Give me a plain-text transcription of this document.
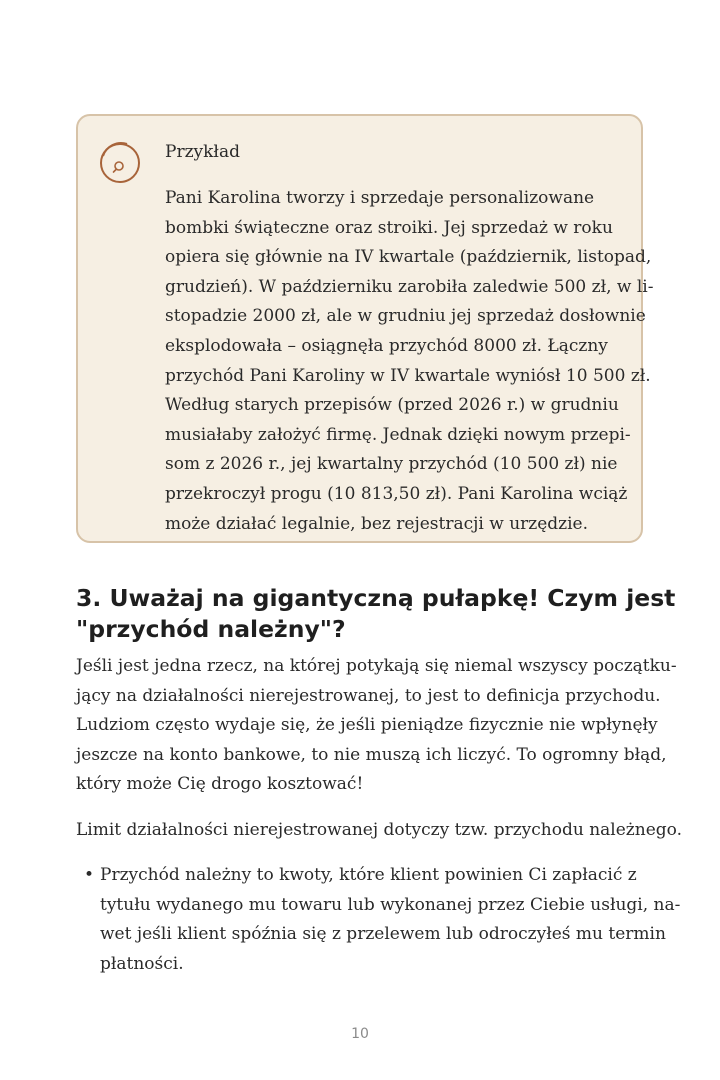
Przykład
Pani Karolina tworzy i sprzedaje personalizowane
bombki świąteczne oraz stroiki. Jej sprzedaż w roku
opiera się głównie na IV kwartale (październik, listopad,
grudzień). W październiku zarobiła zaledwie 500 zł, w li-
stopadzie 2000 zł, ale w grudniu jej sprzedaż dosłownie
eksplodowała – osiągnęła przychód 8000 zł. Łączny
przychód Pani Karoliny w IV kwartale wyniósł 10 500 zł.
Według starych przepisów (przed 2026 r.) w grudniu
musiałaby założyć firmę. Jednak dzięki nowym przepi-
som z 2026 r., jej kwartalny przychód (10 500 zł) nie
przekroczył progu (10 813,50 zł). Pani Karolina wciąż
może działać legalnie, bez rejestracji w urzędzie.
3. Uważaj na gigantyczną pułapkę! Czym jest
"przychód należny"?

Jeśli jest jedna rzecz, na której potykają się niemal wszyscy początku-
jący na działalności nierejestrowanej, to jest to definicja przychodu.
Ludziom często wydaje się, że jeśli pieniądze fizycznie nie wpłynęły
jeszcze na konto bankowe, to nie muszą ich liczyć. To ogromny błąd,
który może Cię drogo kosztować!

Limit działalności nierejestrowanej dotyczy tzw. przychodu należnego.

• Przychód należny to kwoty, które klient powinien Ci zapłacić z
tytułu wydanego mu towaru lub wykonanej przez Ciebie usługi, na-
wet jeśli klient spóźnia się z przelewem lub odroczyłeś mu termin
płatności.
10
